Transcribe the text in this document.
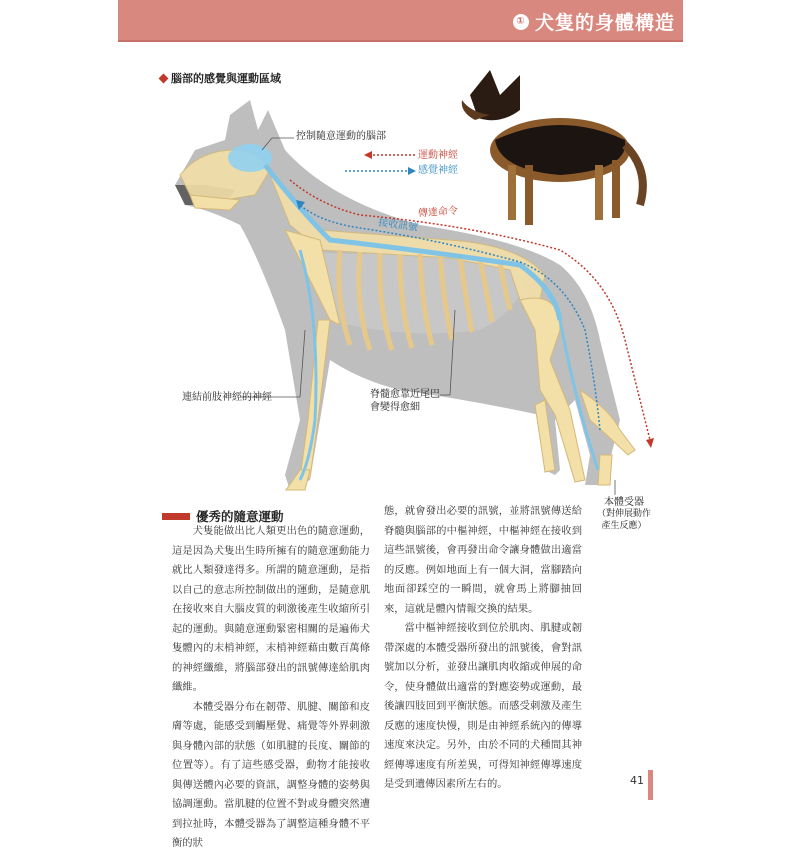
① 犬隻的身體構造
腦部的感覺與運動區域
控制隨意運動的腦部
運動神經
感覺神經
傳達命令
接收訊號
連結前肢神經的神經	脊髓愈靠近尾巴
會變得愈細
本體受器
（對伸展動作
產生反應）
優秀的隨意運動

犬隻能做出比人類更出色的隨意運動，這是因為犬隻出生時所擁有的隨意運動能力就比人類發達得多。所謂的隨意運動，是指以自己的意志所控制做出的運動，是隨意肌在接收來自大腦皮質的刺激後產生收縮所引起的運動。與隨意運動緊密相關的是遍佈犬隻體內的末梢神經，末梢神經藉由數百萬條的神經纖維，將腦部發出的訊號傳達給肌肉纖維。

本體受器分布在韌帶、肌腱、關節和皮膚等處，能感受到觸壓覺、痛覺等外界刺激與身體內部的狀態（如肌腱的長度、關節的位置等）。有了這些感受器，動物才能接收與傳送體內必要的資訊，調整身體的姿勢與協調運動。當肌腱的位置不對或身體突然遭到拉扯時，本體受器為了調整這種身體不平衡的狀

態，就會發出必要的訊號，並將訊號傳送給脊髓與腦部的中樞神經，中樞神經在接收到這些訊號後，會再發出命令讓身體做出適當的反應。例如地面上有一個大洞，當腳踏向地面卻踩空的一瞬間，就會馬上將腳抽回來，這就是體內情報交換的結果。

當中樞神經接收到位於肌肉、肌腱或韌帶深處的本體受器所發出的訊號後，會對訊號加以分析，並發出讓肌肉收縮或伸展的命令，使身體做出適當的對應姿勢或運動，最後讓四肢回到平衡狀態。而感受刺激及產生反應的速度快慢，則是由神經系統內的傳導速度來決定。另外，由於不同的犬種間其神經傳導速度有所差異，可得知神經傳導速度是受到遺傳因素所左右的。	41
